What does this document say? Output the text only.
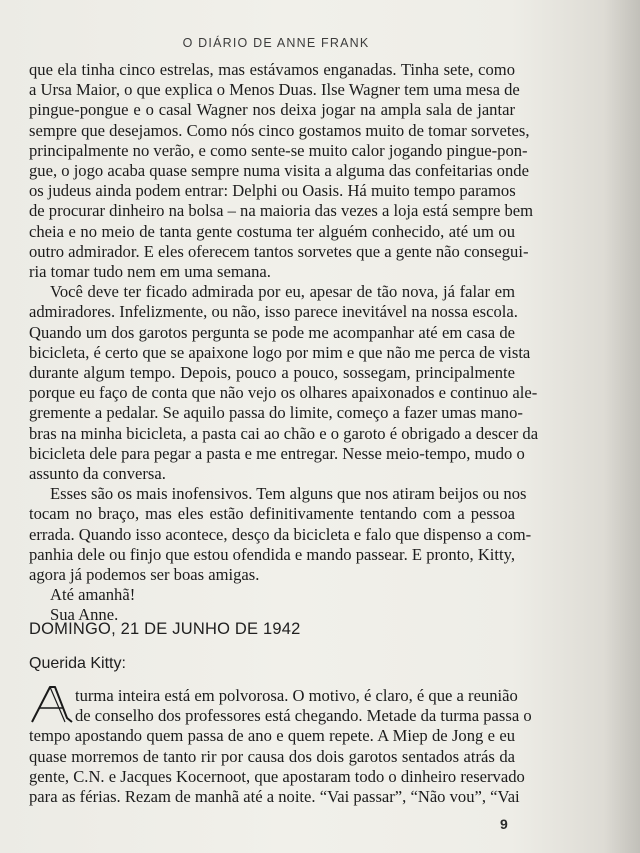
O DIÁRIO DE ANNE FRANK
que ela tinha cinco estrelas, mas estávamos enganadas. Tinha sete, como
a Ursa Maior, o que explica o Menos Duas. Ilse Wagner tem uma mesa de
pingue-pongue e o casal Wagner nos deixa jogar na ampla sala de jantar
sempre que desejamos. Como nós cinco gostamos muito de tomar sorvetes,
principalmente no verão, e como sente-se muito calor jogando pingue-pon-
gue, o jogo acaba quase sempre numa visita a alguma das confeitarias onde
os judeus ainda podem entrar: Delphi ou Oasis. Há muito tempo paramos
de procurar dinheiro na bolsa – na maioria das vezes a loja está sempre bem
cheia e no meio de tanta gente costuma ter alguém conhecido, até um ou
outro admirador. E eles oferecem tantos sorvetes que a gente não consegui-
ria tomar tudo nem em uma semana.
Você deve ter ficado admirada por eu, apesar de tão nova, já falar em
admiradores. Infelizmente, ou não, isso parece inevitável na nossa escola.
Quando um dos garotos pergunta se pode me acompanhar até em casa de
bicicleta, é certo que se apaixone logo por mim e que não me perca de vista
durante algum tempo. Depois, pouco a pouco, sossegam, principalmente
porque eu faço de conta que não vejo os olhares apaixonados e continuo ale-
gremente a pedalar. Se aquilo passa do limite, começo a fazer umas mano-
bras na minha bicicleta, a pasta cai ao chão e o garoto é obrigado a descer da
bicicleta dele para pegar a pasta e me entregar. Nesse meio-tempo, mudo o
assunto da conversa.
Esses são os mais inofensivos. Tem alguns que nos atiram beijos ou nos
tocam no braço, mas eles estão definitivamente tentando com a pessoa
errada. Quando isso acontece, desço da bicicleta e falo que dispenso a com-
panhia dele ou finjo que estou ofendida e mando passear. E pronto, Kitty,
agora já podemos ser boas amigas.
Até amanhã!
Sua Anne.
DOMINGO, 21 DE JUNHO DE 1942
Querida Kitty:
turma inteira está em polvorosa. O motivo, é claro, é que a reunião
de conselho dos professores está chegando. Metade da turma passa o
tempo apostando quem passa de ano e quem repete. A Miep de Jong e eu
quase morremos de tanto rir por causa dos dois garotos sentados atrás da
gente, C.N. e Jacques Kocernoot, que apostaram todo o dinheiro reservado
para as férias. Rezam de manhã até a noite. “Vai passar”, “Não vou”, “Vai
9
